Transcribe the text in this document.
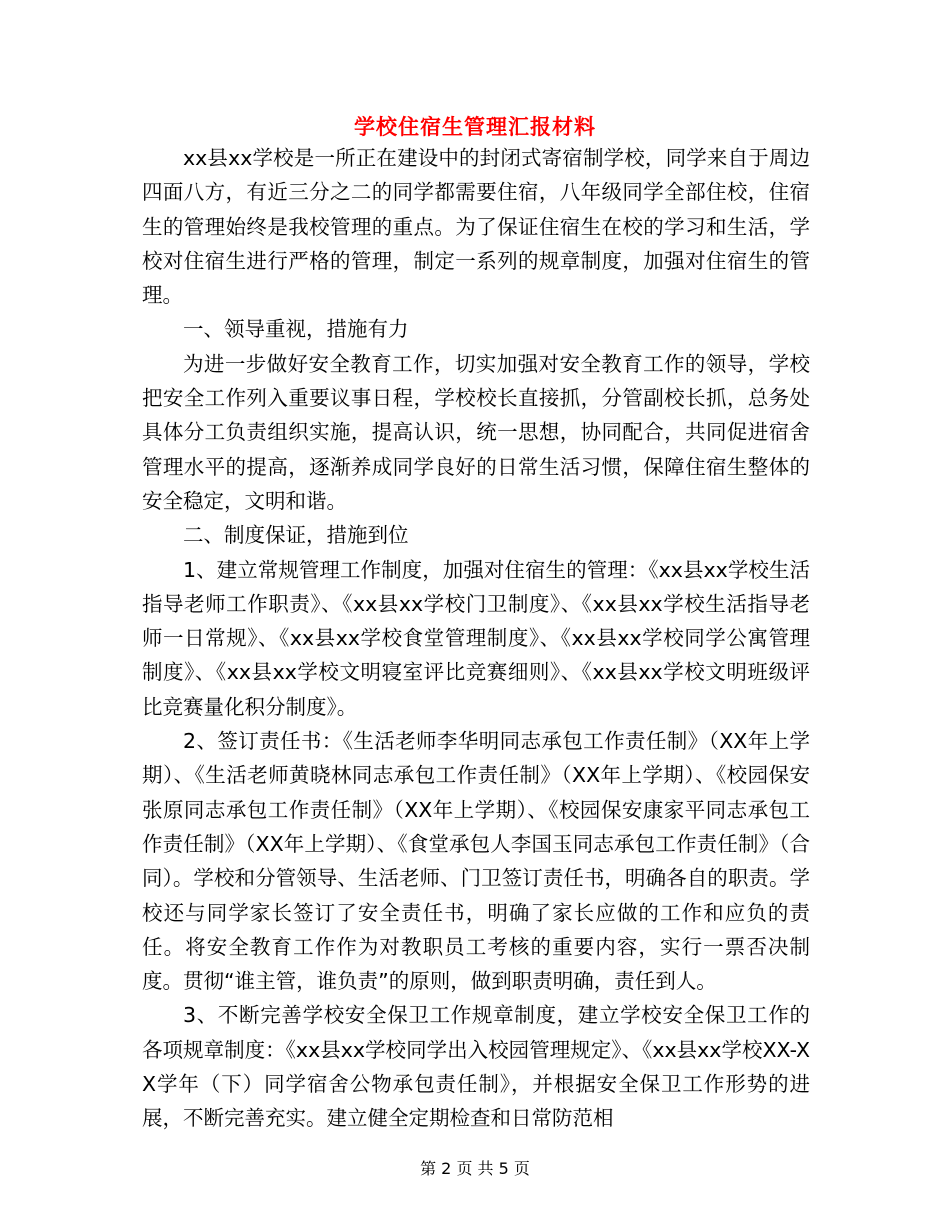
学校住宿生管理汇报材料

xx县xx学校是一所正在建设中的封闭式寄宿制学校，同学来自于周边四面八方，有近三分之二的同学都需要住宿，八年级同学全部住校，住宿生的管理始终是我校管理的重点。为了保证住宿生在校的学习和生活，学校对住宿生进行严格的管理，制定一系列的规章制度，加强对住宿生的管理。

一、领导重视，措施有力

为进一步做好安全教育工作，切实加强对安全教育工作的领导，学校把安全工作列入重要议事日程，学校校长直接抓，分管副校长抓，总务处具体分工负责组织实施，提高认识，统一思想，协同配合，共同促进宿舍管理水平的提高，逐渐养成同学良好的日常生活习惯，保障住宿生整体的安全稳定，文明和谐。

二、制度保证，措施到位

1、建立常规管理工作制度，加强对住宿生的管理：《xx县xx学校生活指导老师工作职责》、《xx县xx学校门卫制度》、《xx县xx学校生活指导老师一日常规》、《xx县xx学校食堂管理制度》、《xx县xx学校同学公寓管理制度》、《xx县xx学校文明寝室评比竞赛细则》、《xx县xx学校文明班级评比竞赛量化积分制度》。

2、签订责任书：《生活老师李华明同志承包工作责任制》（XX年上学期）、《生活老师黄晓林同志承包工作责任制》（XX年上学期）、《校园保安张原同志承包工作责任制》（XX年上学期）、《校园保安康家平同志承包工作责任制》（XX年上学期）、《食堂承包人李国玉同志承包工作责任制》（合同）。学校和分管领导、生活老师、门卫签订责任书，明确各自的职责。学校还与同学家长签订了安全责任书，明确了家长应做的工作和应负的责任。将安全教育工作作为对教职员工考核的重要内容，实行一票否决制度。贯彻“谁主管，谁负责”的原则，做到职责明确，责任到人。

3、不断完善学校安全保卫工作规章制度，建立学校安全保卫工作的各项规章制度：《xx县xx学校同学出入校园管理规定》、《xx县xx学校XX-XX学年（下）同学宿舍公物承包责任制》，并根据安全保卫工作形势的进展，不断完善充实。建立健全定期检查和日常防范相

第 2 页 共 5 页
